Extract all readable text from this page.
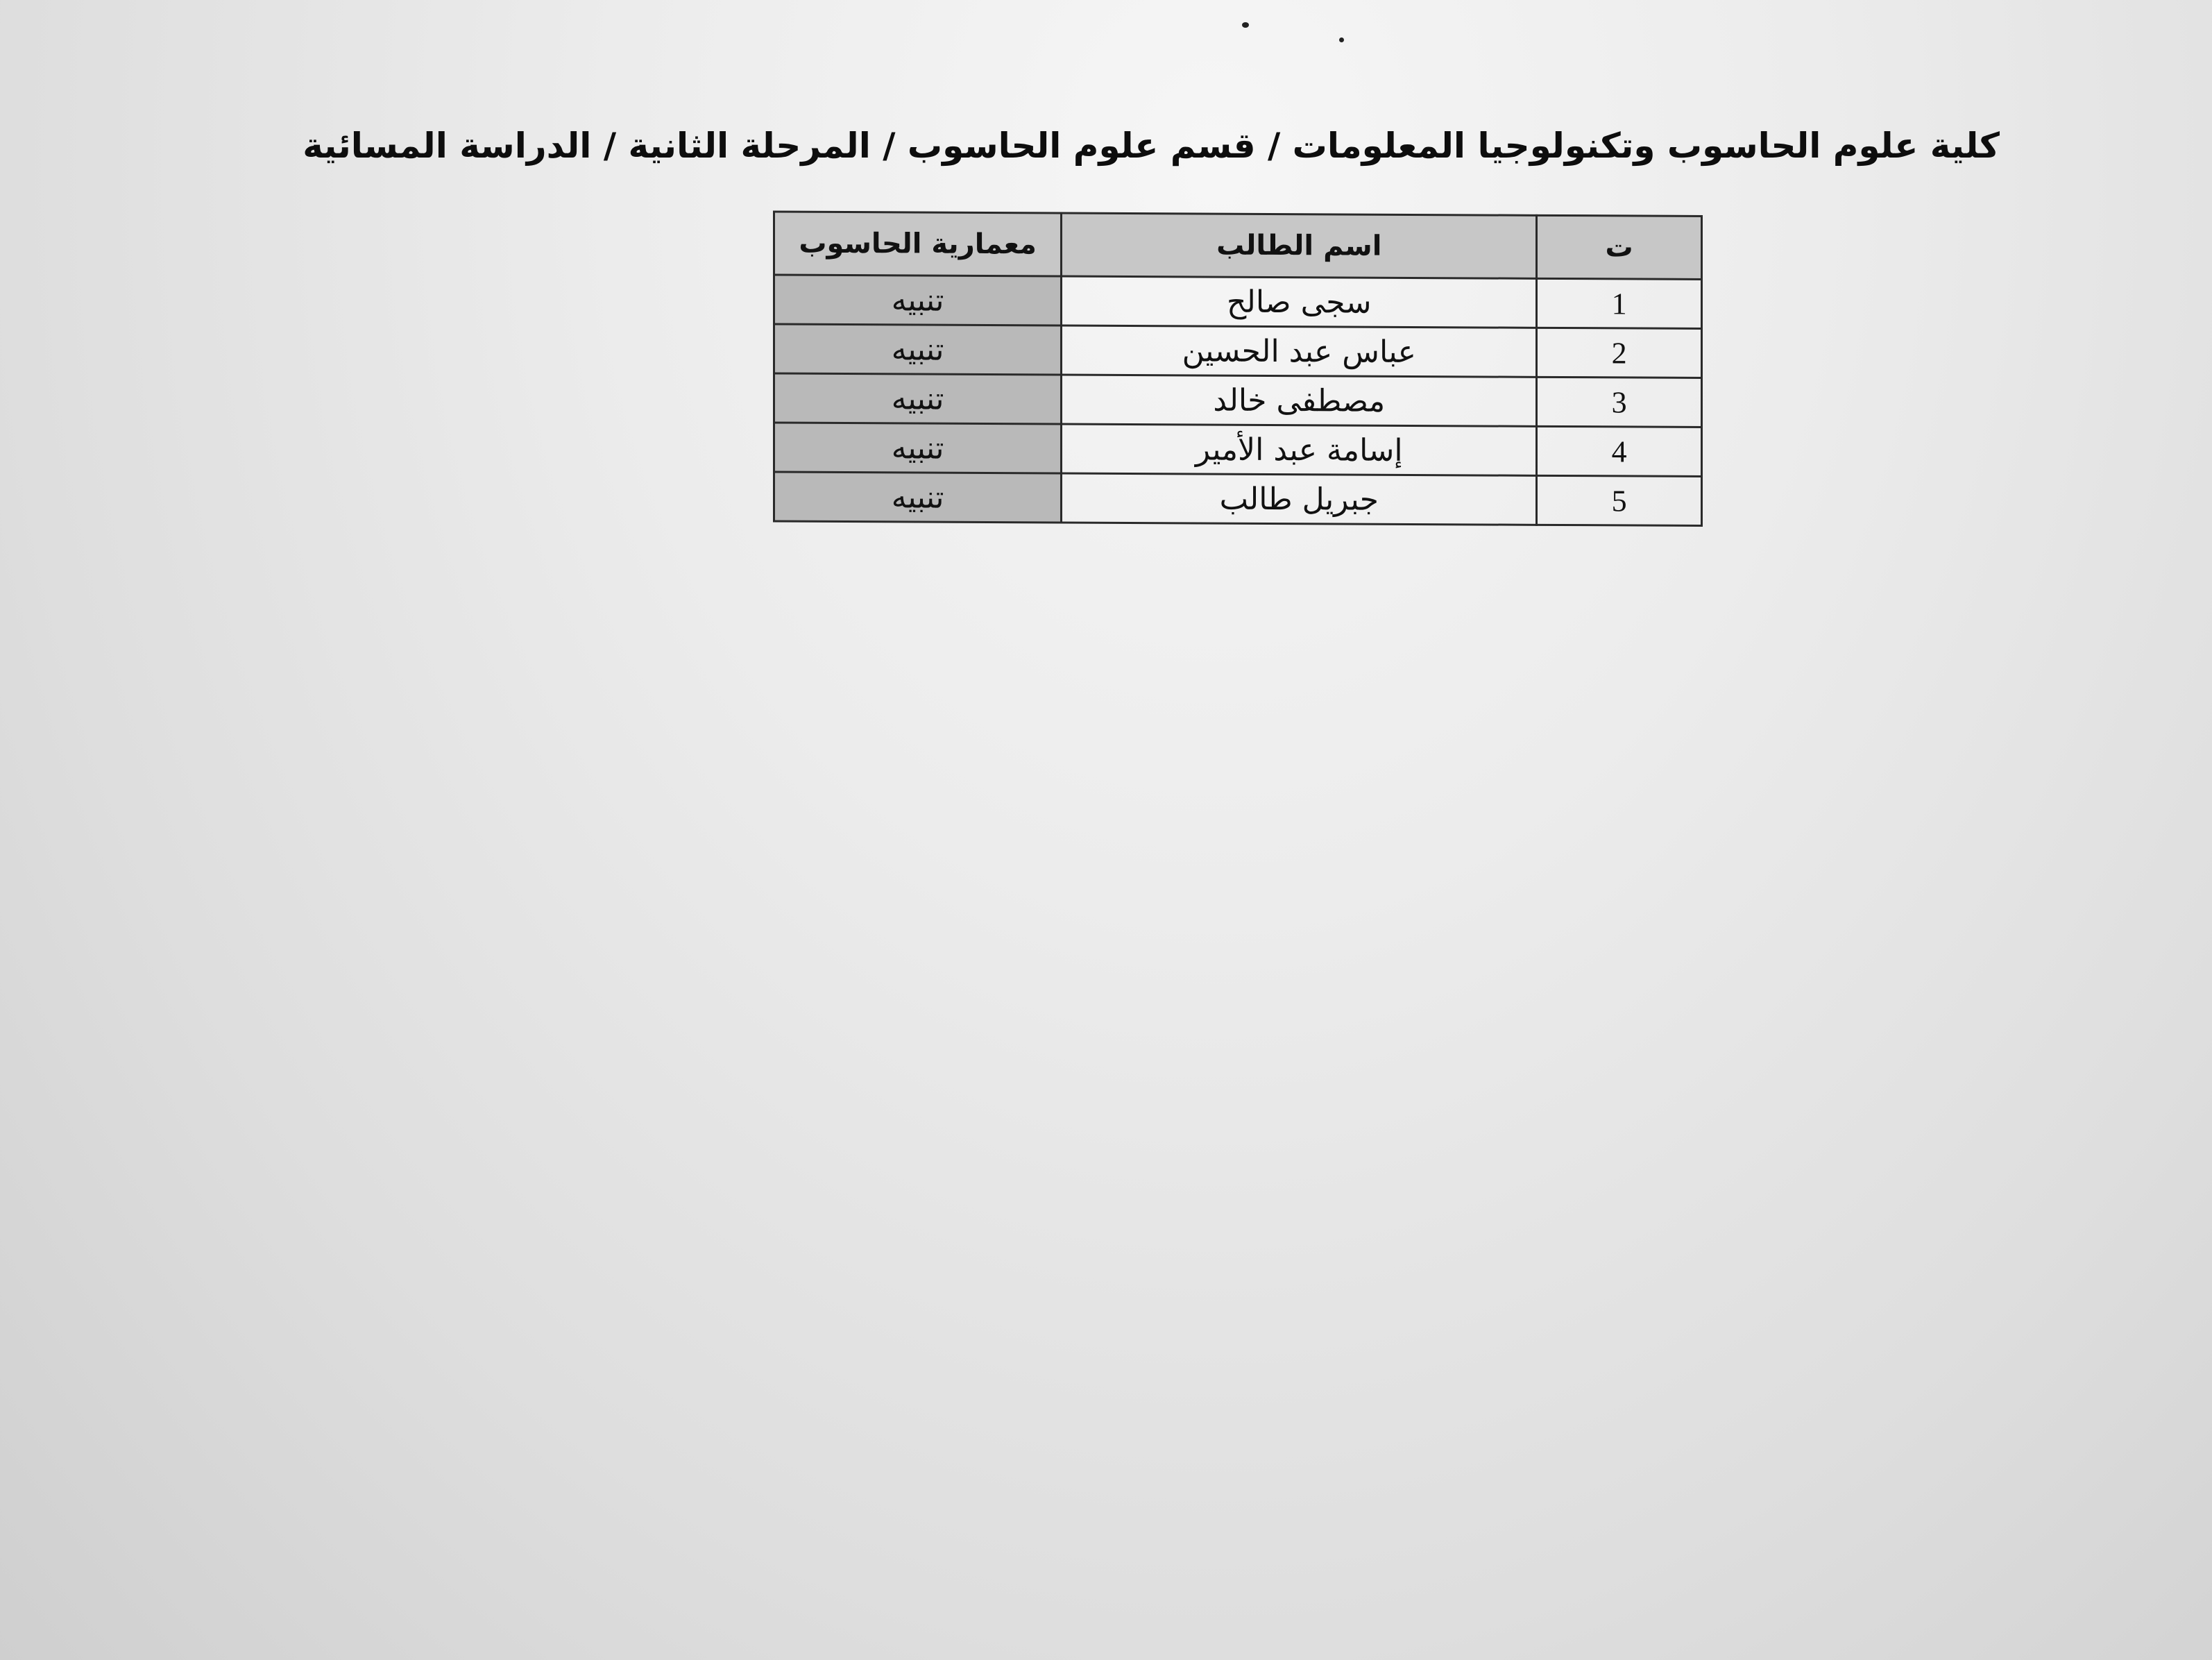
كلية علوم الحاسوب وتكنولوجيا المعلومات / قسم علوم الحاسوب / المرحلة الثانية / الدراسة المسائية
ت	اسم الطالب	معمارية الحاسوب
1	سجى صالح	تنبيه
2	عباس عبد الحسين	تنبيه
3	مصطفى خالد	تنبيه
4	إسامة عبد الأمير	تنبيه
5	جبريل طالب	تنبيه
